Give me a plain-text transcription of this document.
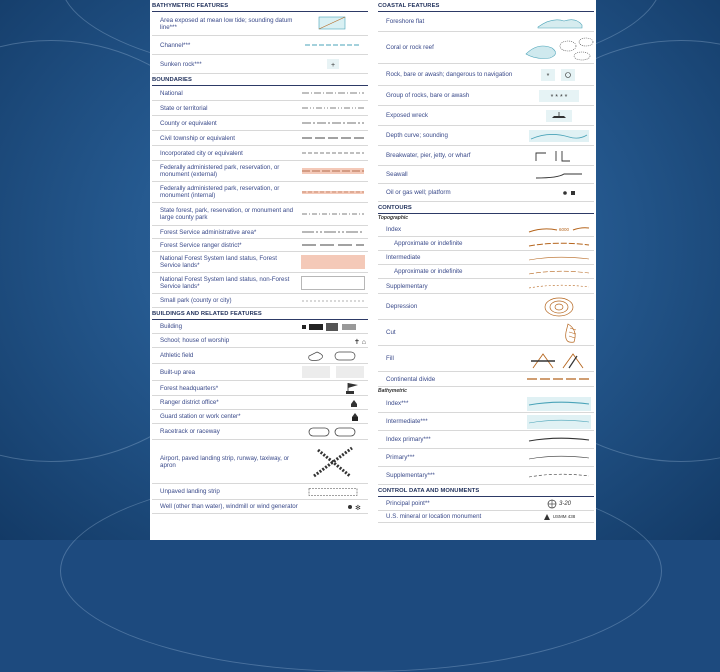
BATHYMETRIC FEATURES
Area exposed at mean low tide; sounding datum line***
Channel***
Sunken rock***	+
BOUNDARIES
National
State or territorial
County or equivalent
Civil township or equivalent
Incorporated city or equivalent
Federally administered park, reservation, or monument (external)
Federally administered park, reservation, or monument (internal)
State forest, park, reservation, or monument and large county park
Forest Service administrative area*
Forest Service ranger district*
National Forest System land status, Forest Service lands*
National Forest System land status, non-Forest Service lands*
Small park (county or city)
BUILDINGS AND RELATED FEATURES
Building
School; house of worship	✝ ⌂
Athletic field
Built-up area
Forest headquarters*
Ranger district office*
Guard station or work center*
Racetrack or raceway
Airport, paved landing strip, runway, taxiway, or apron
Unpaved landing strip
Well (other than water), windmill or wind generator	✻
COASTAL FEATURES
Foreshore flat
Coral or rock reef
Rock, bare or awash; dangerous to navigation	*
Group of rocks, bare or awash	* * * *
Exposed wreck
Depth curve; sounding
Breakwater, pier, jetty, or wharf
Seawall
Oil or gas well; platform
CONTOURS
Topographic
Index	6000
Approximate or indefinite
Intermediate
Approximate or indefinite
Supplementary
Depression
Cut
Fill
Continental divide
Bathymetric
Index***
Intermediate***
Index primary***
Primary***
Supplementary***
CONTROL DATA AND MONUMENTS
Principal point**	3-20
U.S. mineral or location monument	USMM 438
